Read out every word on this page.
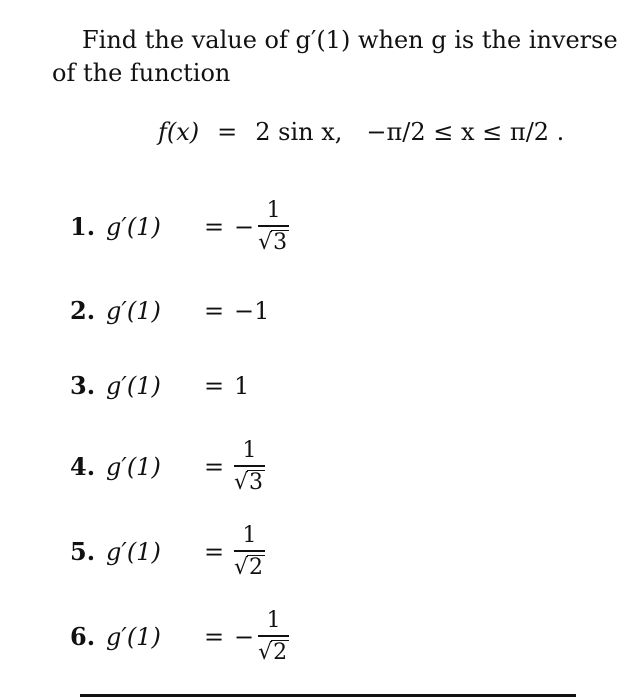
Find the value of g′(1) when g is the inverse
of the function
f(x) = 2 sin x, −π/2 ≤ x ≤ π/2 .
1. g′(1)	= − $\frac{1}{√ 3}$
2. g′(1)	= −1
3. g′(1)	= 1
4. g′(1)	= $\frac{1}{√ 3}$
5. g′(1)	= $\frac{1}{√ 2}$
6. g′(1)	= − $\frac{1}{√ 2}$
